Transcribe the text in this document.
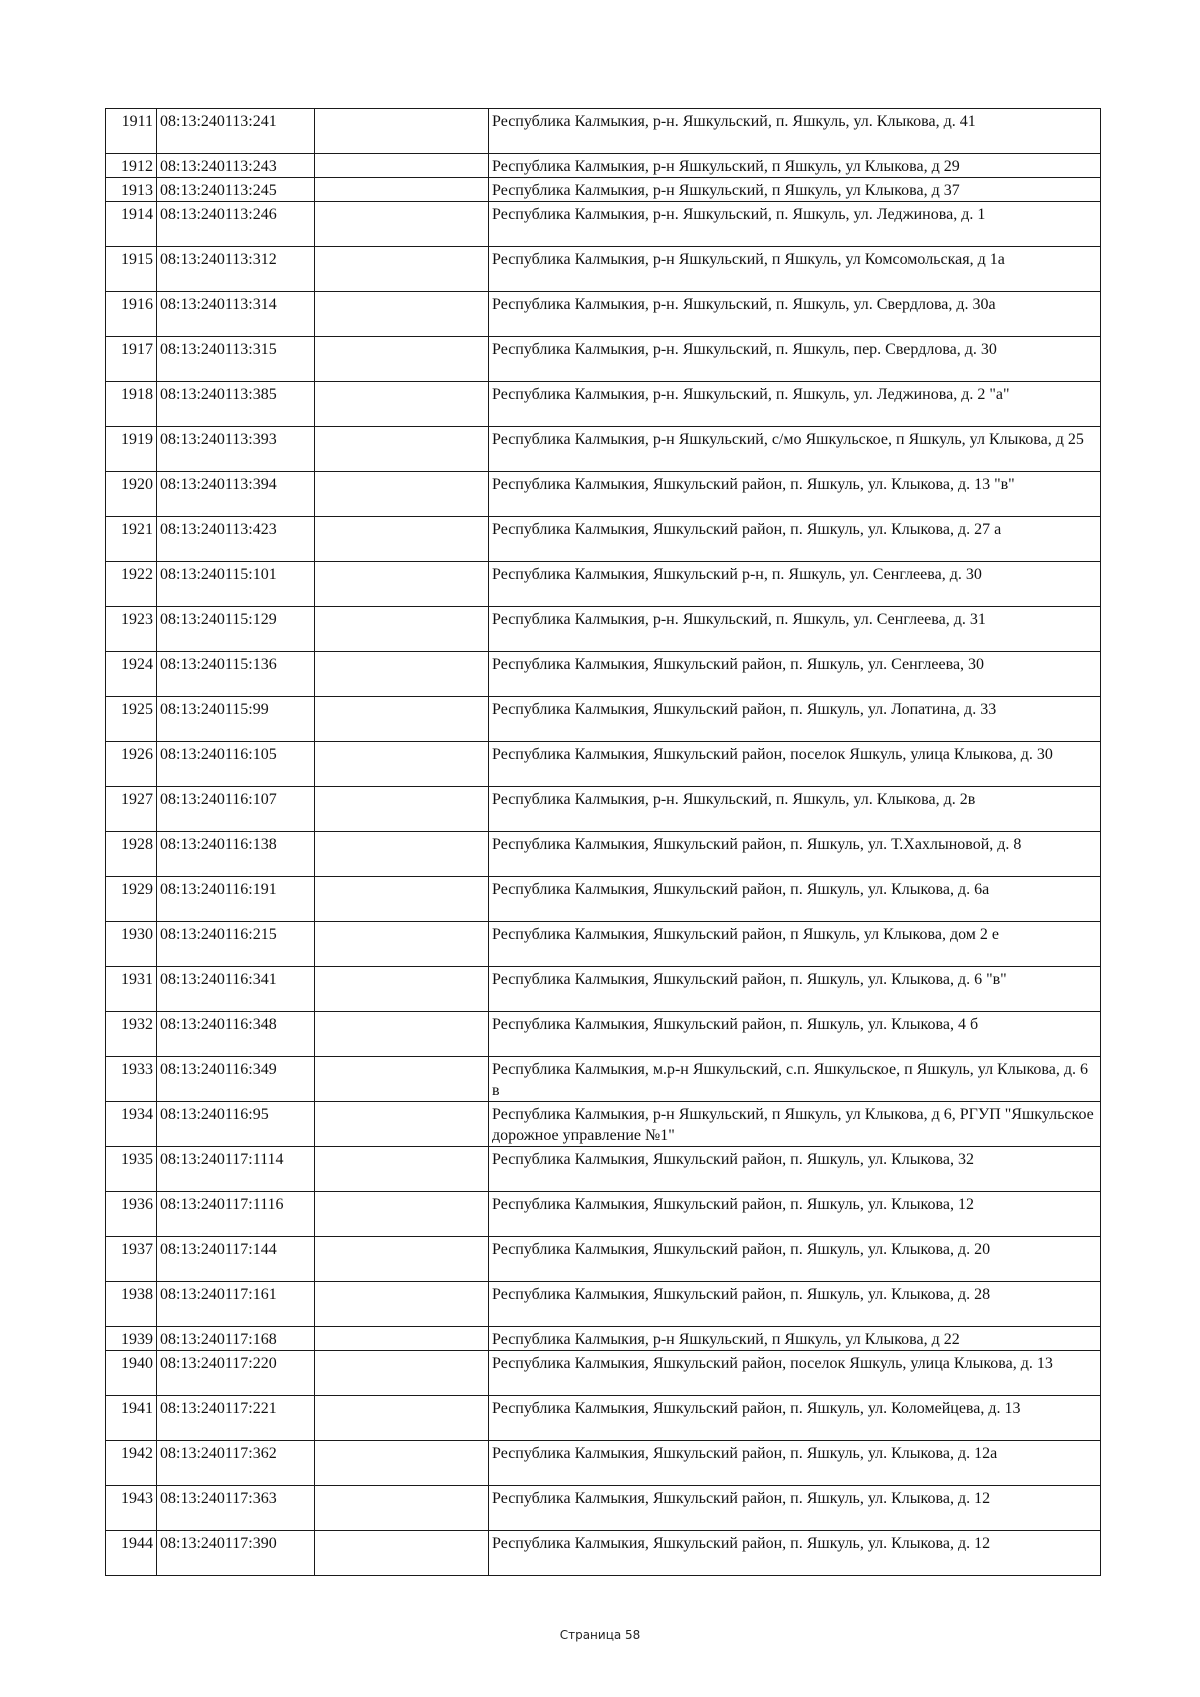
1911	08:13:240113:241		Республика Калмыкия, р-н. Яшкульский, п. Яшкуль, ул. Клыкова, д. 41
1912	08:13:240113:243		Республика Калмыкия, р-н Яшкульский, п Яшкуль, ул Клыкова, д 29
1913	08:13:240113:245		Республика Калмыкия, р-н Яшкульский, п Яшкуль, ул Клыкова, д 37
1914	08:13:240113:246		Республика Калмыкия, р-н. Яшкульский, п. Яшкуль, ул. Леджинова, д. 1
1915	08:13:240113:312		Республика Калмыкия, р-н Яшкульский, п Яшкуль, ул Комсомольская, д 1а
1916	08:13:240113:314		Республика Калмыкия, р-н. Яшкульский, п. Яшкуль, ул. Свердлова, д. 30а
1917	08:13:240113:315		Республика Калмыкия, р-н. Яшкульский, п. Яшкуль, пер. Свердлова, д. 30
1918	08:13:240113:385		Республика Калмыкия, р-н. Яшкульский, п. Яшкуль, ул. Леджинова, д. 2 "а"
1919	08:13:240113:393		Республика Калмыкия, р-н Яшкульский, с/мо Яшкульское, п Яшкуль, ул Клыкова, д 25
1920	08:13:240113:394		Республика Калмыкия, Яшкульский район, п. Яшкуль, ул. Клыкова, д. 13 "в"
1921	08:13:240113:423		Республика Калмыкия, Яшкульский район, п. Яшкуль, ул. Клыкова, д. 27 а
1922	08:13:240115:101		Республика Калмыкия, Яшкульский р-н, п. Яшкуль, ул. Сенглеева, д. 30
1923	08:13:240115:129		Республика Калмыкия, р-н. Яшкульский, п. Яшкуль, ул. Сенглеева, д. 31
1924	08:13:240115:136		Республика Калмыкия, Яшкульский район, п. Яшкуль, ул. Сенглеева, 30
1925	08:13:240115:99		Республика Калмыкия, Яшкульский район, п. Яшкуль, ул. Лопатина, д. 33
1926	08:13:240116:105		Республика Калмыкия, Яшкульский район, поселок Яшкуль, улица Клыкова, д. 30
1927	08:13:240116:107		Республика Калмыкия, р-н. Яшкульский, п. Яшкуль, ул. Клыкова, д. 2в
1928	08:13:240116:138		Республика Калмыкия, Яшкульский район, п. Яшкуль, ул. Т.Хахлыновой, д. 8
1929	08:13:240116:191		Республика Калмыкия, Яшкульский район, п. Яшкуль, ул. Клыкова, д. 6а
1930	08:13:240116:215		Республика Калмыкия, Яшкульский район, п Яшкуль, ул Клыкова, дом 2 е
1931	08:13:240116:341		Республика Калмыкия, Яшкульский район, п. Яшкуль, ул. Клыкова, д. 6 "в"
1932	08:13:240116:348		Республика Калмыкия, Яшкульский район, п. Яшкуль, ул. Клыкова, 4 б
1933	08:13:240116:349		Республика Калмыкия, м.р-н Яшкульский, с.п. Яшкульское, п Яшкуль, ул Клыкова, д. 6 в
1934	08:13:240116:95		Республика Калмыкия, р-н Яшкульский, п Яшкуль, ул Клыкова, д 6, РГУП "Яшкульское дорожное управление №1"
1935	08:13:240117:1114		Республика Калмыкия, Яшкульский район, п. Яшкуль, ул. Клыкова, 32
1936	08:13:240117:1116		Республика Калмыкия, Яшкульский район, п. Яшкуль, ул. Клыкова, 12
1937	08:13:240117:144		Республика Калмыкия, Яшкульский район, п. Яшкуль, ул. Клыкова, д. 20
1938	08:13:240117:161		Республика Калмыкия, Яшкульский район, п. Яшкуль, ул. Клыкова, д. 28
1939	08:13:240117:168		Республика Калмыкия, р-н Яшкульский, п Яшкуль, ул Клыкова, д 22
1940	08:13:240117:220		Республика Калмыкия, Яшкульский район, поселок Яшкуль, улица Клыкова, д. 13
1941	08:13:240117:221		Республика Калмыкия, Яшкульский район, п. Яшкуль, ул. Коломейцева, д. 13
1942	08:13:240117:362		Республика Калмыкия, Яшкульский район, п. Яшкуль, ул. Клыкова, д. 12а
1943	08:13:240117:363		Республика Калмыкия, Яшкульский район, п. Яшкуль, ул. Клыкова, д. 12
1944	08:13:240117:390		Республика Калмыкия, Яшкульский район, п. Яшкуль, ул. Клыкова, д. 12
Страница 58
